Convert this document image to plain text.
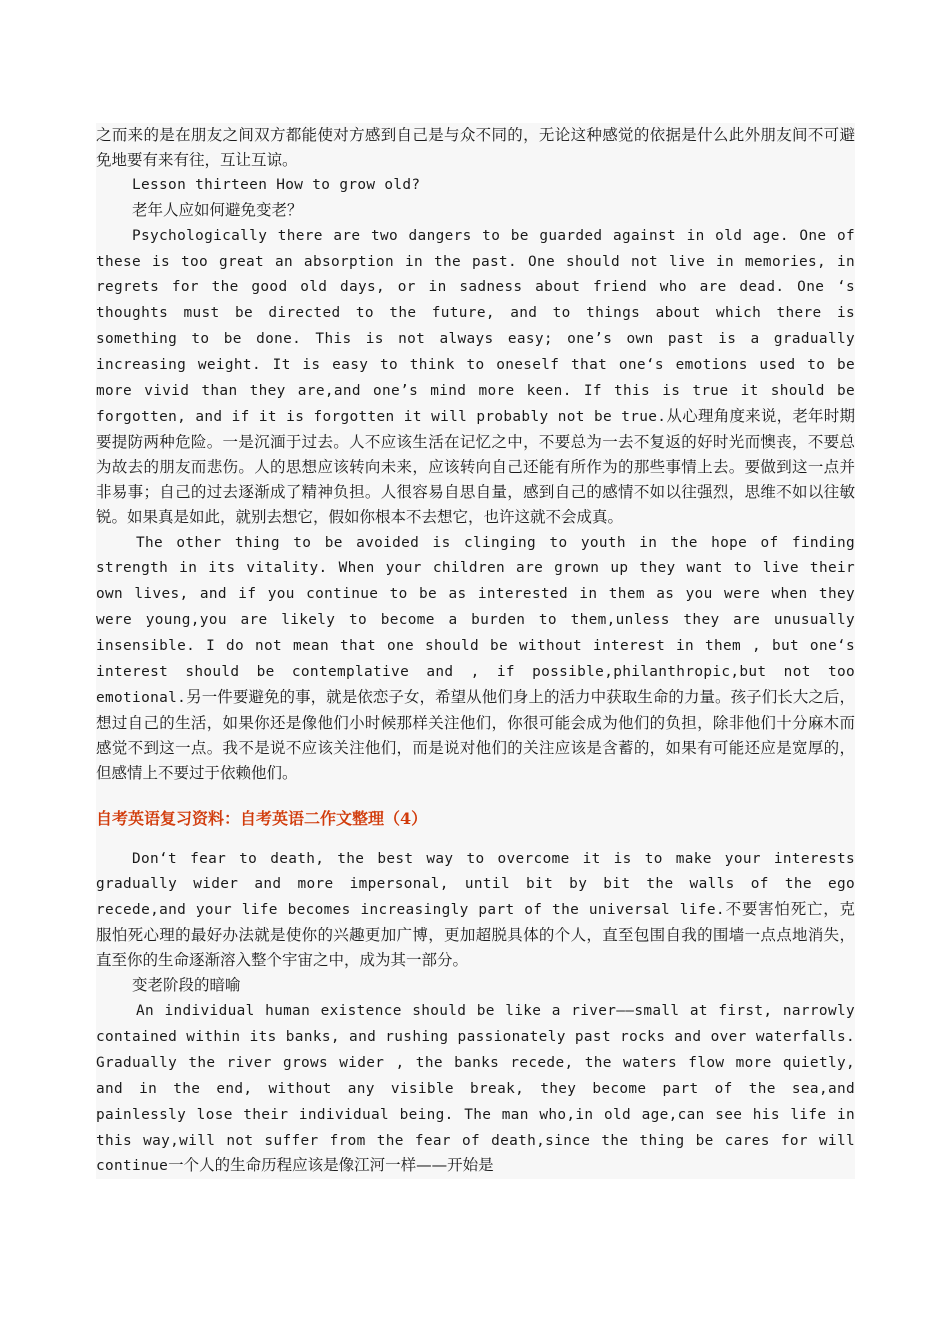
之而来的是在朋友之间双方都能使对方感到自己是与众不同的，无论这种感觉的依据是什么此外朋友间不可避免地要有来有往，互让互谅。

Lesson thirteen How to grow old?

老年人应如何避免变老？

Psychologically there are two dangers to be guarded against in old age. One of these is too great an absorption in the past. One should not live in memories, in regrets for the good old days, or in sadness about friend who are dead. One ‘s thoughts must be directed to the future, and to things about which there is something to be done. This is not always easy; one’s own past is a gradually increasing weight. It is easy to think to oneself that one‘s emotions used to be more vivid than they are,and one’s mind more keen. If this is true it should be forgotten, and if it is forgotten it will probably not be true.从心理角度来说，老年时期要提防两种危险。一是沉湎于过去。人不应该生活在记忆之中，不要总为一去不复返的好时光而懊丧，不要总为故去的朋友而悲伤。人的思想应该转向未来，应该转向自己还能有所作为的那些事情上去。要做到这一点并非易事；自己的过去逐渐成了精神负担。人很容易自思自量，感到自己的感情不如以往强烈，思维不如以往敏锐。如果真是如此，就别去想它，假如你根本不去想它，也许这就不会成真。

The other thing to be avoided is clinging to youth in the hope of finding strength in its vitality. When your children are grown up they want to live their own lives, and if you continue to be as interested in them as you were when they were young,you are likely to become a burden to them,unless they are unusually insensible. I do not mean that one should be without interest in them , but one‘s interest should be contemplative and , if possible,philanthropic,but not too emotional.另一件要避免的事，就是依恋子女，希望从他们身上的活力中获取生命的力量。孩子们长大之后，想过自己的生活，如果你还是像他们小时候那样关注他们，你很可能会成为他们的负担，除非他们十分麻木而感觉不到这一点。我不是说不应该关注他们，而是说对他们的关注应该是含蓄的，如果有可能还应是宽厚的，但感情上不要过于依赖他们。

自考英语复习资料：自考英语二作文整理（4）

Don‘t fear to death, the best way to overcome it is to make your interests gradually wider and more impersonal, until bit by bit the walls of the ego recede,and your life becomes increasingly part of the universal life.不要害怕死亡，克服怕死心理的最好办法就是使你的兴趣更加广博，更加超脱具体的个人，直至包围自我的围墙一点点地消失，直至你的生命逐渐溶入整个宇宙之中，成为其一部分。

变老阶段的暗喻

An individual human existence should be like a river——small at first, narrowly contained within its banks, and rushing passionately past rocks and over waterfalls. Gradually the river grows wider , the banks recede, the waters flow more quietly, and in the end, without any visible break, they become part of the sea,and painlessly lose their individual being. The man who,in old age,can see his life in this way,will not suffer from the fear of death,since the thing be cares for will continue一个人的生命历程应该是像江河一样——开始是
